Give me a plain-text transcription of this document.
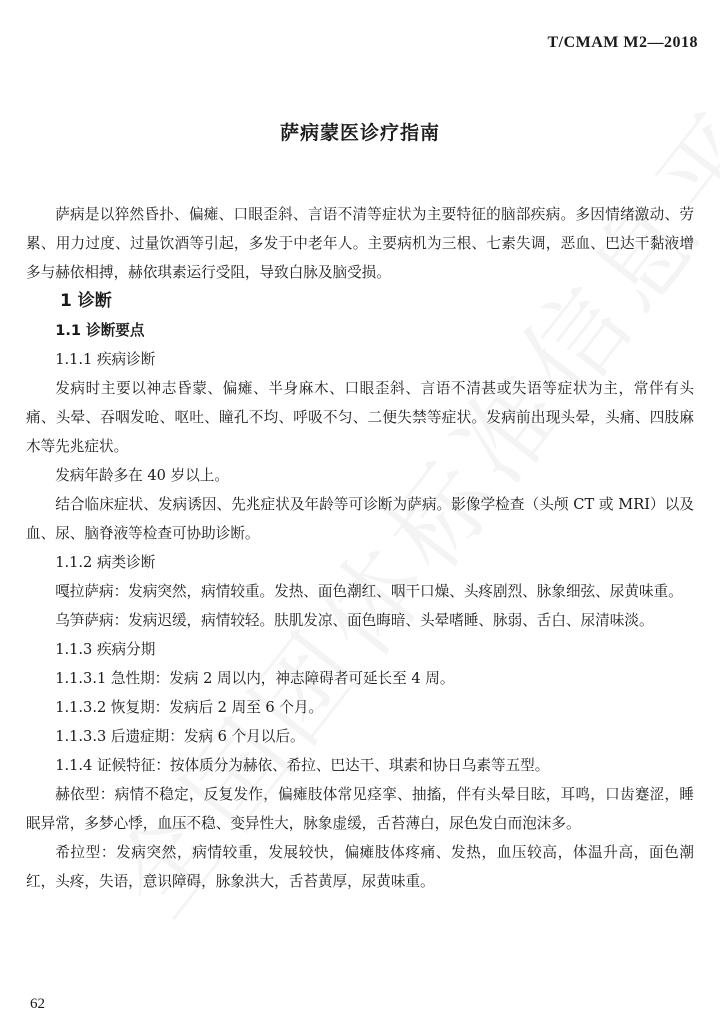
T/CMAM M2—2018
萨病蒙医诊疗指南

萨病是以猝然昏扑、偏瘫、口眼歪斜、言语不清等症状为主要特征的脑部疾病。多因情绪激动、劳累、用力过度、过量饮酒等引起，多发于中老年人。主要病机为三根、七素失调，恶血、巴达干黏液增多与赫依相搏，赫依琪素运行受阻，导致白脉及脑受损。

1 诊断

1.1 诊断要点

1.1.1 疾病诊断

发病时主要以神志昏蒙、偏瘫、半身麻木、口眼歪斜、言语不清甚或失语等症状为主，常伴有头痛、头晕、吞咽发呛、呕吐、瞳孔不均、呼吸不匀、二便失禁等症状。发病前出现头晕，头痛、四肢麻木等先兆症状。

发病年龄多在 40 岁以上。

结合临床症状、发病诱因、先兆症状及年龄等可诊断为萨病。影像学检查（头颅 CT 或 MRI）以及血、尿、脑脊液等检查可协助诊断。

1.1.2 病类诊断

嘎拉萨病：发病突然，病情较重。发热、面色潮红、咽干口燥、头疼剧烈、脉象细弦、尿黄味重。

乌笋萨病：发病迟缓，病情较轻。肤肌发凉、面色晦暗、头晕嗜睡、脉弱、舌白、尿清味淡。

1.1.3 疾病分期

1.1.3.1 急性期：发病 2 周以内，神志障碍者可延长至 4 周。

1.1.3.2 恢复期：发病后 2 周至 6 个月。

1.1.3.3 后遗症期：发病 6 个月以后。

1.1.4 证候特征：按体质分为赫依、希拉、巴达干、琪素和协日乌素等五型。

赫依型：病情不稳定，反复发作，偏瘫肢体常见痉挛、抽搐，伴有头晕目眩，耳鸣，口齿蹇涩，睡眠异常，多梦心悸，血压不稳、变异性大，脉象虚缓，舌苔薄白，尿色发白而泡沫多。

希拉型：发病突然，病情较重，发展较快，偏瘫肢体疼痛、发热，血压较高，体温升高，面色潮红，头疼，失语，意识障碍，脉象洪大，舌苔黄厚，尿黄味重。

62
